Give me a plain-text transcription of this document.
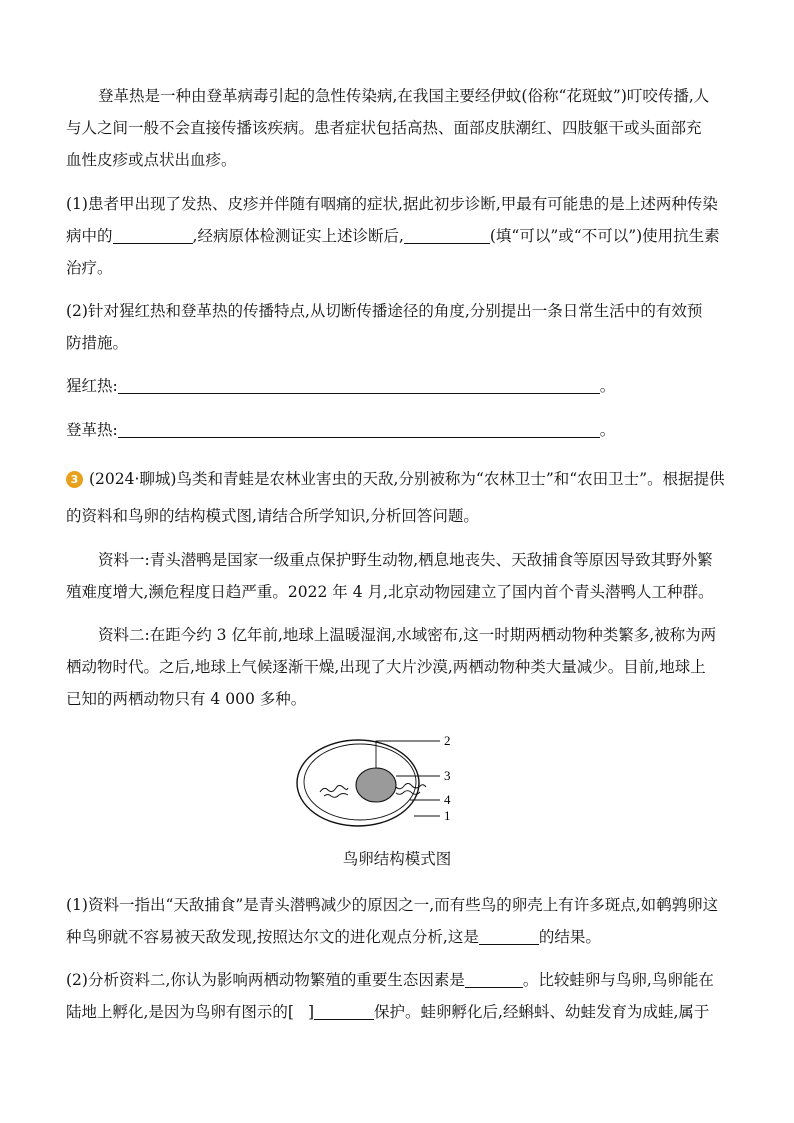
登革热是一种由登革病毒引起的急性传染病,在我国主要经伊蚊(俗称“花斑蚊”)叮咬传播,人
与人之间一般不会直接传播该疾病。患者症状包括高热、面部皮肤潮红、四肢躯干或头面部充
血性皮疹或点状出血疹。
(1)患者甲出现了发热、皮疹并伴随有咽痛的症状,据此初步诊断,甲最有可能患的是上述两种传染
病中的	,经病原体检测证实上述诊断后,	(填“可以”或“不可以”)使用抗生素
治疗。
(2)针对猩红热和登革热的传播特点,从切断传播途径的角度,分别提出一条日常生活中的有效预
防措施。
猩红热:	。
登革热:	。
3 (2024·聊城)鸟类和青蛙是农林业害虫的天敌,分别被称为“农林卫士”和“农田卫士”。根据提供
的资料和鸟卵的结构模式图,请结合所学知识,分析回答问题。
资料一:青头潜鸭是国家一级重点保护野生动物,栖息地丧失、天敌捕食等原因导致其野外繁
殖难度增大,濒危程度日趋严重。2022 年 4 月,北京动物园建立了国内首个青头潜鸭人工种群。
资料二:在距今约 3 亿年前,地球上温暖湿润,水域密布,这一时期两栖动物种类繁多,被称为两
栖动物时代。之后,地球上气候逐渐干燥,出现了大片沙漠,两栖动物种类大量减少。目前,地球上
已知的两栖动物只有 4 000 多种。
2
3
4
1
鸟卵结构模式图
(1)资料一指出“天敌捕食”是青头潜鸭减少的原因之一,而有些鸟的卵壳上有许多斑点,如鹌鹑卵这
种鸟卵就不容易被天敌发现,按照达尔文的进化观点分析,这是	的结果。
(2)分析资料二,你认为影响两栖动物繁殖的重要生态因素是	。比较蛙卵与鸟卵,鸟卵能在
陆地上孵化,是因为鸟卵有图示的[ ]	保护。蛙卵孵化后,经蝌蚪、幼蛙发育为成蛙,属于
